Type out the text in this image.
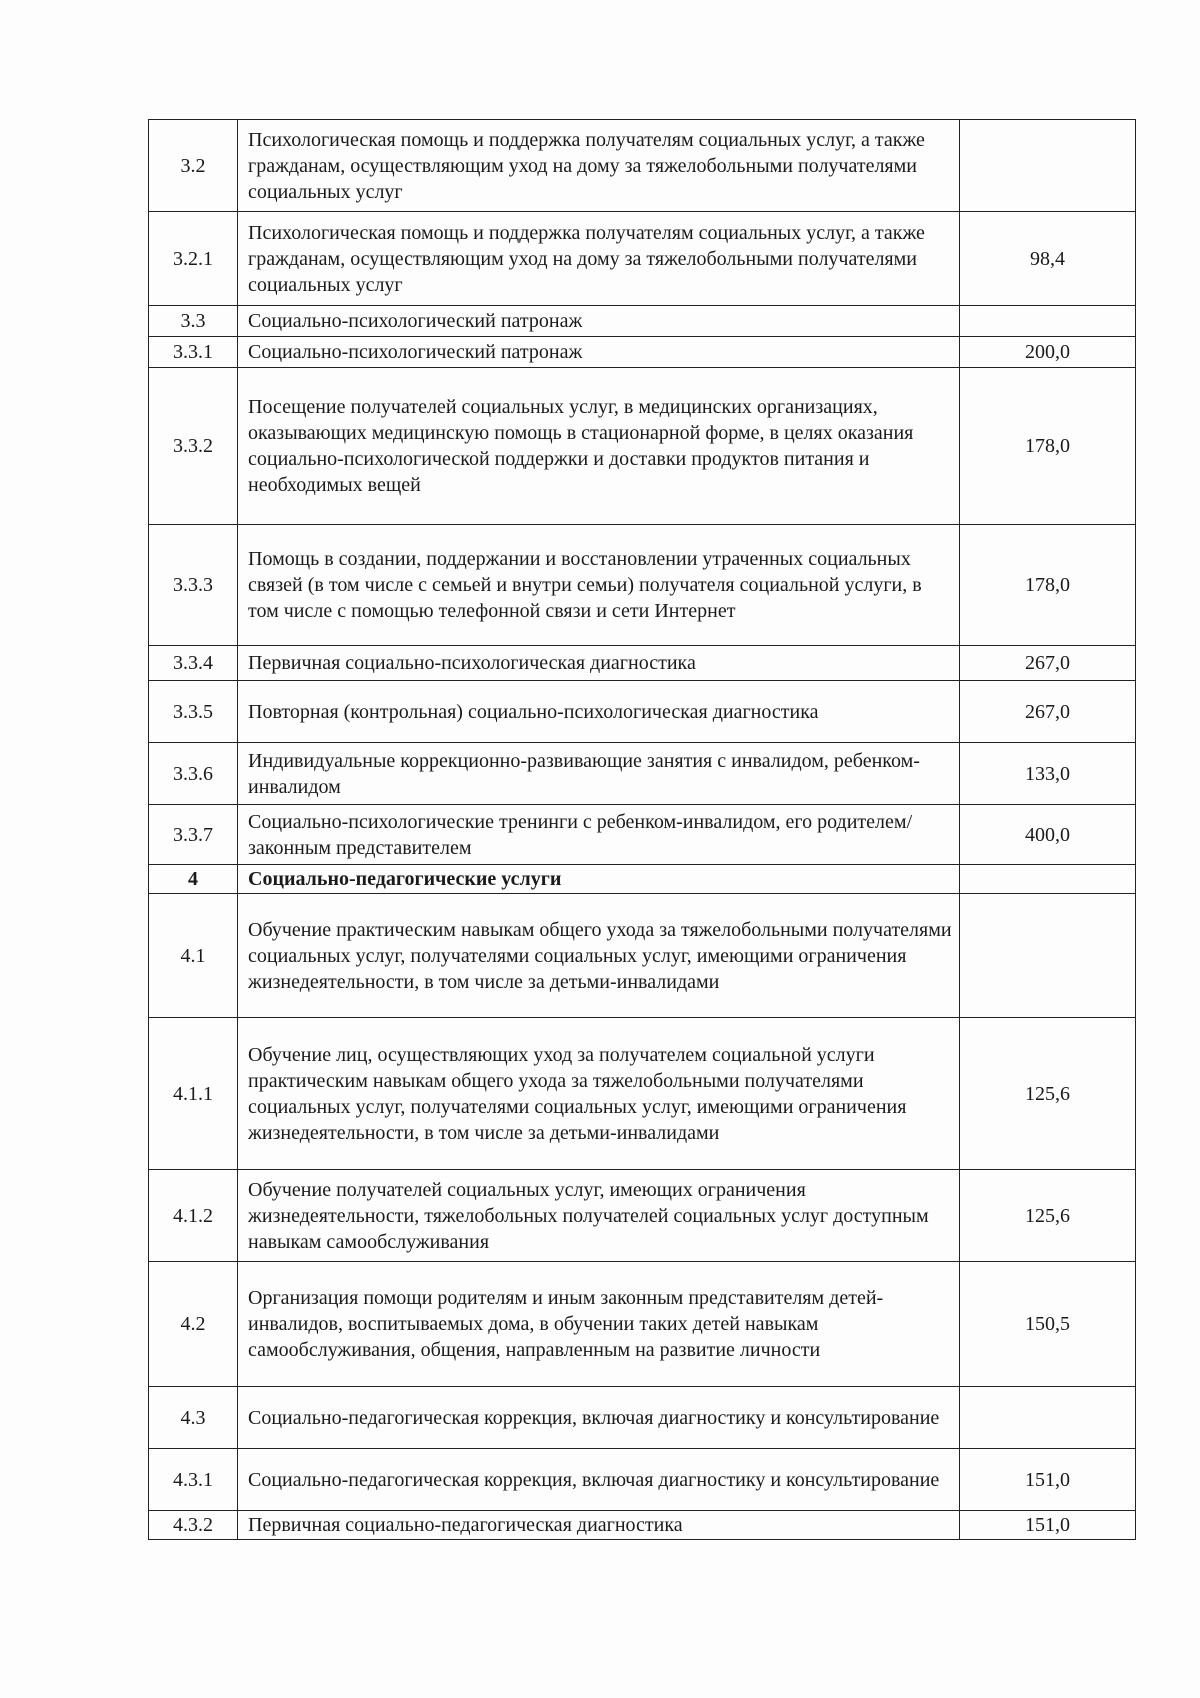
3.2	Психологическая помощь и поддержка получателям социальных услуг, а также гражданам, осуществляющим уход на дому за тяжелобольными получателями социальных услуг	
3.2.1	Психологическая помощь и поддержка получателям социальных услуг, а также гражданам, осуществляющим уход на дому за тяжелобольными получателями социальных услуг	98,4
3.3	Социально-психологический патронаж	
3.3.1	Социально-психологический патронаж	200,0
3.3.2	Посещение получателей социальных услуг, в медицинских организациях, оказывающих медицинскую помощь в стационарной форме, в целях оказания социально-психологической поддержки и доставки продуктов питания и необходимых вещей	178,0
3.3.3	Помощь в создании, поддержании и восстановлении утраченных социальных связей (в том числе с семьей и внутри семьи) получателя социальной услуги, в том числе с помощью телефонной связи и сети Интернет	178,0
3.3.4	Первичная социально-психологическая диагностика	267,0
3.3.5	Повторная (контрольная) социально-психологическая диагностика	267,0
3.3.6	Индивидуальные коррекционно-развивающие занятия с инвалидом, ребенком-инвалидом	133,0
3.3.7	Социально-психологические тренинги с ребенком-инвалидом, его родителем/законным представителем	400,0
4	Социально-педагогические услуги	
4.1	Обучение практическим навыкам общего ухода за тяжелобольными получателями социальных услуг, получателями социальных услуг, имеющими ограничения жизнедеятельности, в том числе за детьми-инвалидами	
4.1.1	Обучение лиц, осуществляющих уход за получателем социальной услуги практическим навыкам общего ухода за тяжелобольными получателями социальных услуг, получателями социальных услуг, имеющими ограничения жизнедеятельности, в том числе за детьми-инвалидами	125,6
4.1.2	Обучение получателей социальных услуг, имеющих ограничения жизнедеятельности, тяжелобольных получателей социальных услуг доступным навыкам самообслуживания	125,6
4.2	Организация помощи родителям и иным законным представителям детей-инвалидов, воспитываемых дома, в обучении таких детей навыкам самообслуживания, общения, направленным на развитие личности	150,5
4.3	Социально-педагогическая коррекция, включая диагностику и консультирование	
4.3.1	Социально-педагогическая коррекция, включая диагностику и консультирование	151,0
4.3.2	Первичная социально-педагогическая диагностика	151,0
